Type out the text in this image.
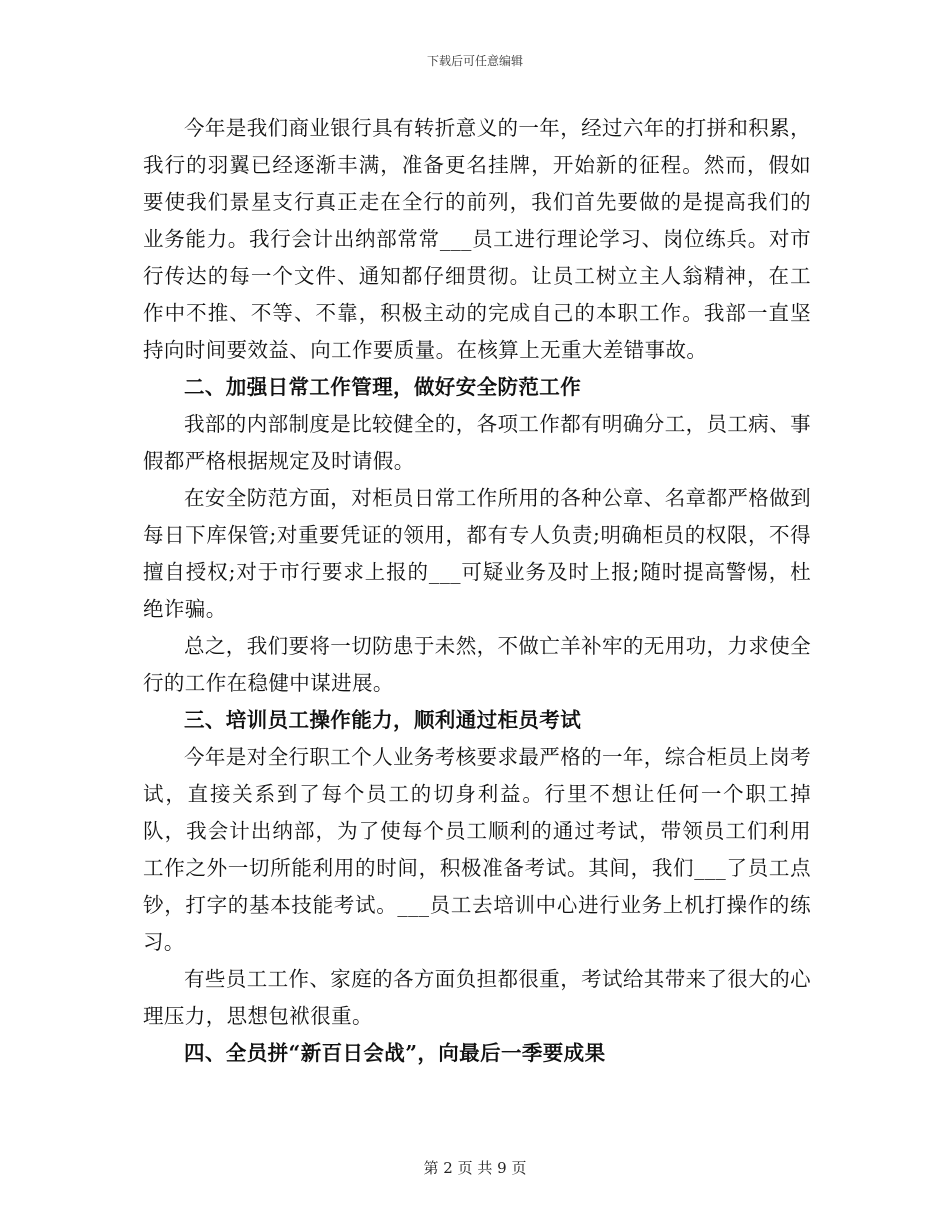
下载后可任意编辑

今年是我们商业银行具有转折意义的一年，经过六年的打拼和积累，我行的羽翼已经逐渐丰满，准备更名挂牌，开始新的征程。然而，假如要使我们景星支行真正走在全行的前列，我们首先要做的是提高我们的业务能力。我行会计出纳部常常___员工进行理论学习、岗位练兵。对市行传达的每一个文件、通知都仔细贯彻。让员工树立主人翁精神，在工作中不推、不等、不靠，积极主动的完成自己的本职工作。我部一直坚持向时间要效益、向工作要质量。在核算上无重大差错事故。

二、加强日常工作管理，做好安全防范工作

我部的内部制度是比较健全的，各项工作都有明确分工，员工病、事假都严格根据规定及时请假。

在安全防范方面，对柜员日常工作所用的各种公章、名章都严格做到每日下库保管;对重要凭证的领用，都有专人负责;明确柜员的权限，不得擅自授权;对于市行要求上报的___可疑业务及时上报;随时提高警惕，杜绝诈骗。

总之，我们要将一切防患于未然，不做亡羊补牢的无用功，力求使全行的工作在稳健中谋进展。

三、培训员工操作能力，顺利通过柜员考试

今年是对全行职工个人业务考核要求最严格的一年，综合柜员上岗考试，直接关系到了每个员工的切身利益。行里不想让任何一个职工掉队，我会计出纳部，为了使每个员工顺利的通过考试，带领员工们利用工作之外一切所能利用的时间，积极准备考试。其间，我们___了员工点钞，打字的基本技能考试。___员工去培训中心进行业务上机打操作的练习。

有些员工工作、家庭的各方面负担都很重，考试给其带来了很大的心理压力，思想包袱很重。

四、全员拼“新百日会战”，向最后一季要成果

第 2 页 共 9 页
